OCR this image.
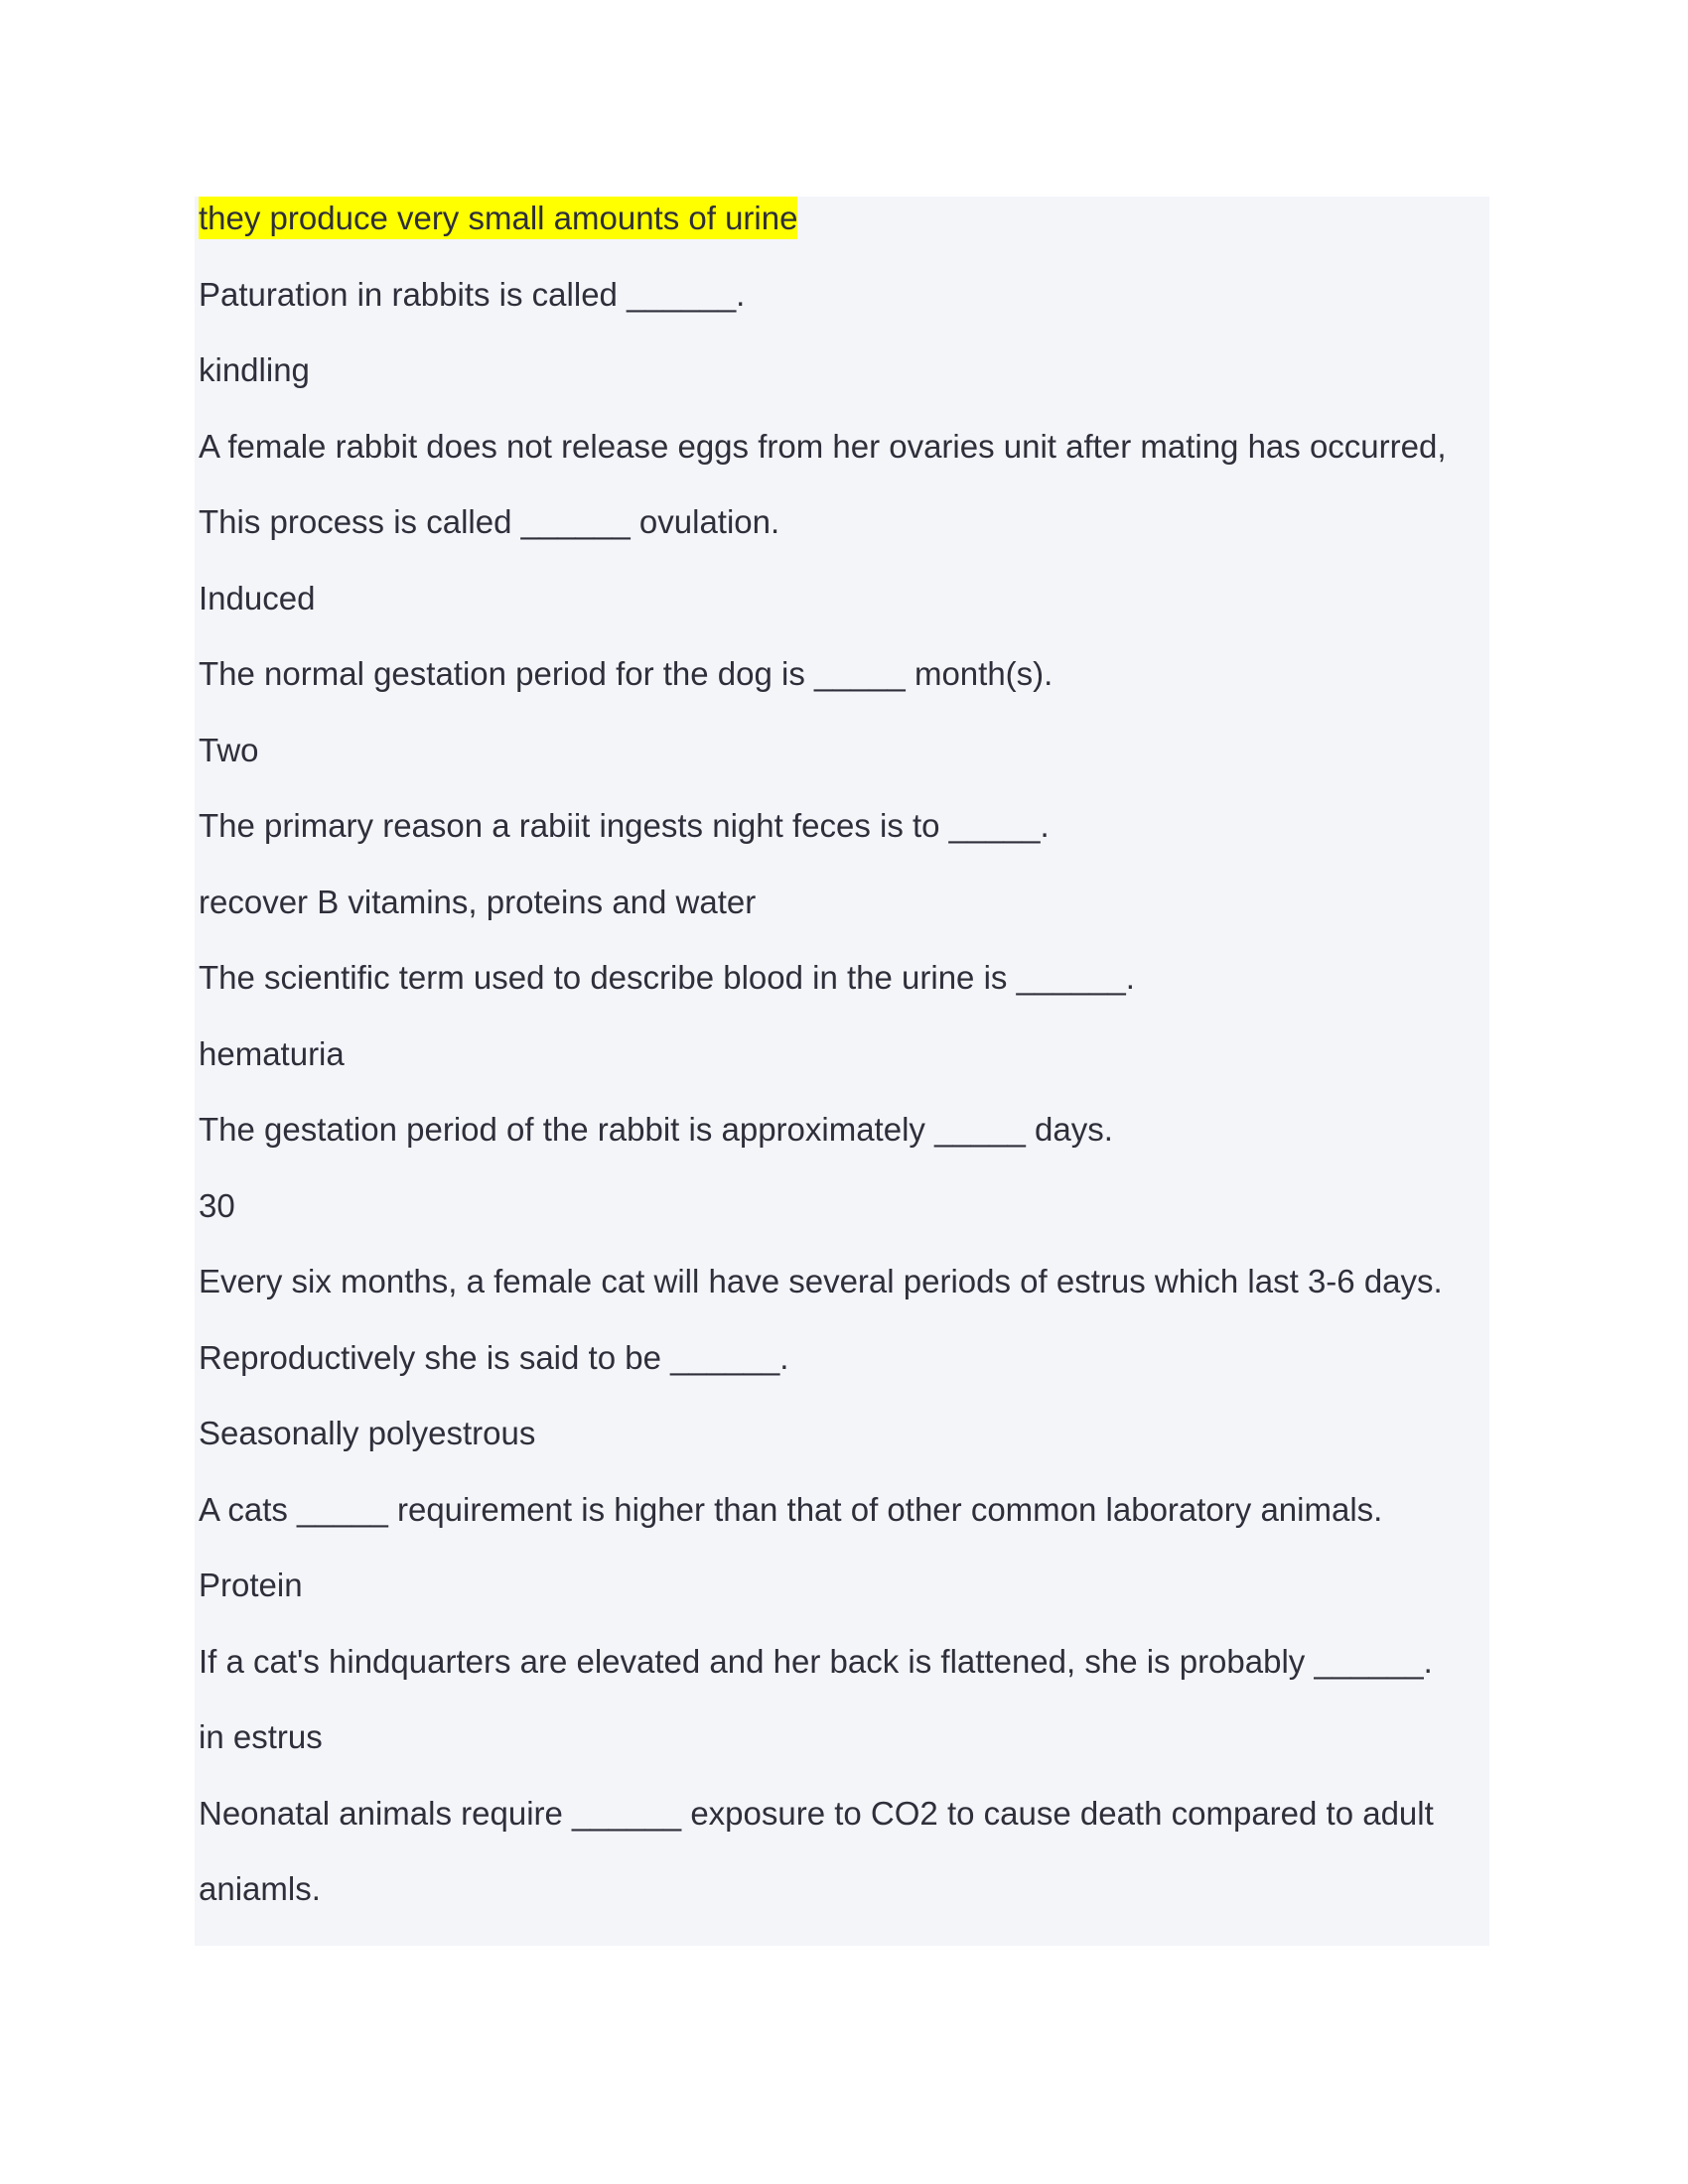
they produce very small amounts of urine
Paturation in rabbits is called ______.
kindling
A female rabbit does not release eggs from her ovaries unit after mating has occurred,
This process is called ______ ovulation.
Induced
The normal gestation period for the dog is _____ month(s).
Two
The primary reason a rabiit ingests night feces is to _____.
recover B vitamins, proteins and water
The scientific term used to describe blood in the urine is ______.
hematuria
The gestation period of the rabbit is approximately _____ days.
30
Every six months, a female cat will have several periods of estrus which last 3-6 days.
Reproductively she is said to be ______.
Seasonally polyestrous
A cats _____ requirement is higher than that of other common laboratory animals.
Protein
If a cat's hindquarters are elevated and her back is flattened, she is probably ______.
in estrus
Neonatal animals require ______ exposure to CO2 to cause death compared to adult
aniamls.
